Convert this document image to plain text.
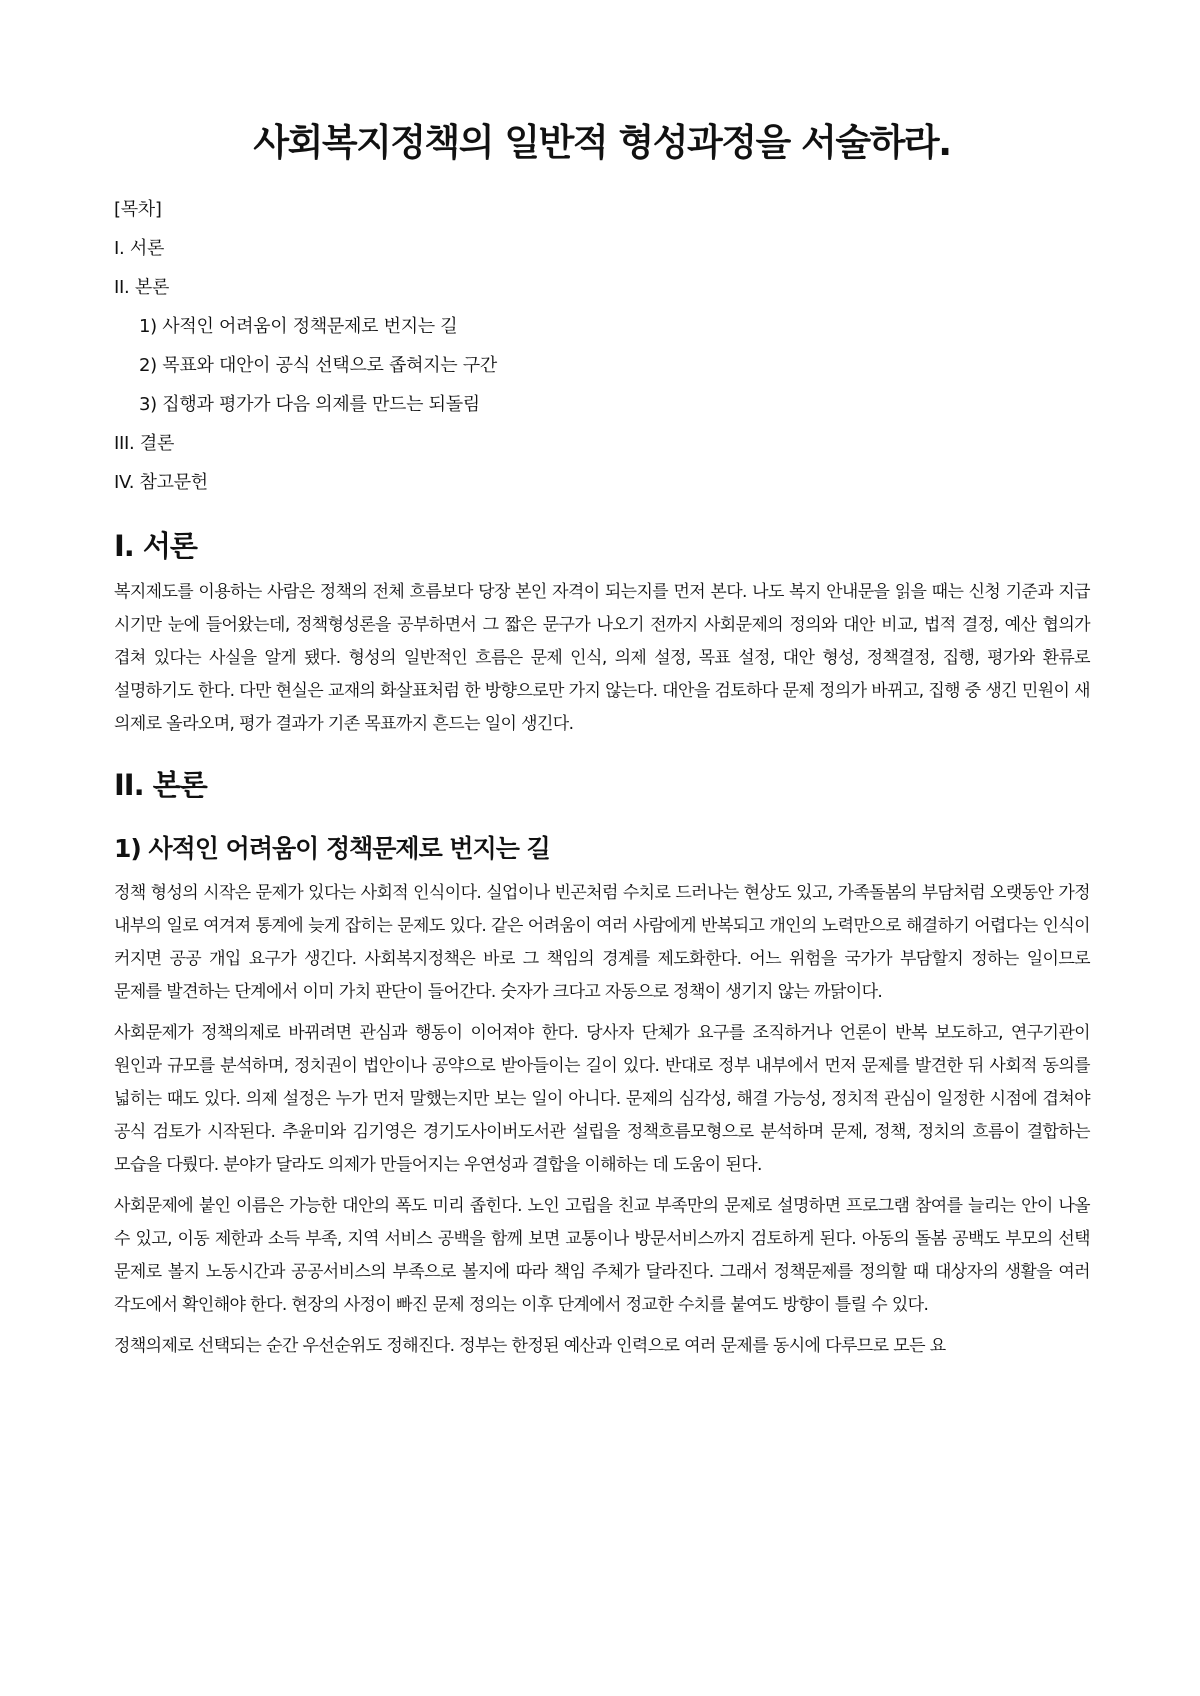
사회복지정책의 일반적 형성과정을 서술하라.
[목차]
I. 서론
II. 본론
1) 사적인 어려움이 정책문제로 번지는 길
2) 목표와 대안이 공식 선택으로 좁혀지는 구간
3) 집행과 평가가 다음 의제를 만드는 되돌림
III. 결론
IV. 참고문헌
I. 서론

복지제도를 이용하는 사람은 정책의 전체 흐름보다 당장 본인 자격이 되는지를 먼저 본다. 나도 복지 안내문을 읽을 때는 신청 기준과 지급 시기만 눈에 들어왔는데, 정책형성론을 공부하면서 그 짧은 문구가 나오기 전까지 사회문제의 정의와 대안 비교, 법적 결정, 예산 협의가 겹쳐 있다는 사실을 알게 됐다. 형성의 일반적인 흐름은 문제 인식, 의제 설정, 목표 설정, 대안 형성, 정책결정, 집행, 평가와 환류로 설명하기도 한다. 다만 현실은 교재의 화살표처럼 한 방향으로만 가지 않는다. 대안을 검토하다 문제 정의가 바뀌고, 집행 중 생긴 민원이 새 의제로 올라오며, 평가 결과가 기존 목표까지 흔드는 일이 생긴다.

II. 본론
1) 사적인 어려움이 정책문제로 번지는 길

정책 형성의 시작은 문제가 있다는 사회적 인식이다. 실업이나 빈곤처럼 수치로 드러나는 현상도 있고, 가족돌봄의 부담처럼 오랫동안 가정 내부의 일로 여겨져 통계에 늦게 잡히는 문제도 있다. 같은 어려움이 여러 사람에게 반복되고 개인의 노력만으로 해결하기 어렵다는 인식이 커지면 공공 개입 요구가 생긴다. 사회복지정책은 바로 그 책임의 경계를 제도화한다. 어느 위험을 국가가 부담할지 정하는 일이므로 문제를 발견하는 단계에서 이미 가치 판단이 들어간다. 숫자가 크다고 자동으로 정책이 생기지 않는 까닭이다.

사회문제가 정책의제로 바뀌려면 관심과 행동이 이어져야 한다. 당사자 단체가 요구를 조직하거나 언론이 반복 보도하고, 연구기관이 원인과 규모를 분석하며, 정치권이 법안이나 공약으로 받아들이는 길이 있다. 반대로 정부 내부에서 먼저 문제를 발견한 뒤 사회적 동의를 넓히는 때도 있다. 의제 설정은 누가 먼저 말했는지만 보는 일이 아니다. 문제의 심각성, 해결 가능성, 정치적 관심이 일정한 시점에 겹쳐야 공식 검토가 시작된다. 추윤미와 김기영은 경기도사이버도서관 설립을 정책흐름모형으로 분석하며 문제, 정책, 정치의 흐름이 결합하는 모습을 다뤘다. 분야가 달라도 의제가 만들어지는 우연성과 결합을 이해하는 데 도움이 된다.

사회문제에 붙인 이름은 가능한 대안의 폭도 미리 좁힌다. 노인 고립을 친교 부족만의 문제로 설명하면 프로그램 참여를 늘리는 안이 나올 수 있고, 이동 제한과 소득 부족, 지역 서비스 공백을 함께 보면 교통이나 방문서비스까지 검토하게 된다. 아동의 돌봄 공백도 부모의 선택 문제로 볼지 노동시간과 공공서비스의 부족으로 볼지에 따라 책임 주체가 달라진다. 그래서 정책문제를 정의할 때 대상자의 생활을 여러 각도에서 확인해야 한다. 현장의 사정이 빠진 문제 정의는 이후 단계에서 정교한 수치를 붙여도 방향이 틀릴 수 있다.

정책의제로 선택되는 순간 우선순위도 정해진다. 정부는 한정된 예산과 인력으로 여러 문제를 동시에 다루므로 모든 요
